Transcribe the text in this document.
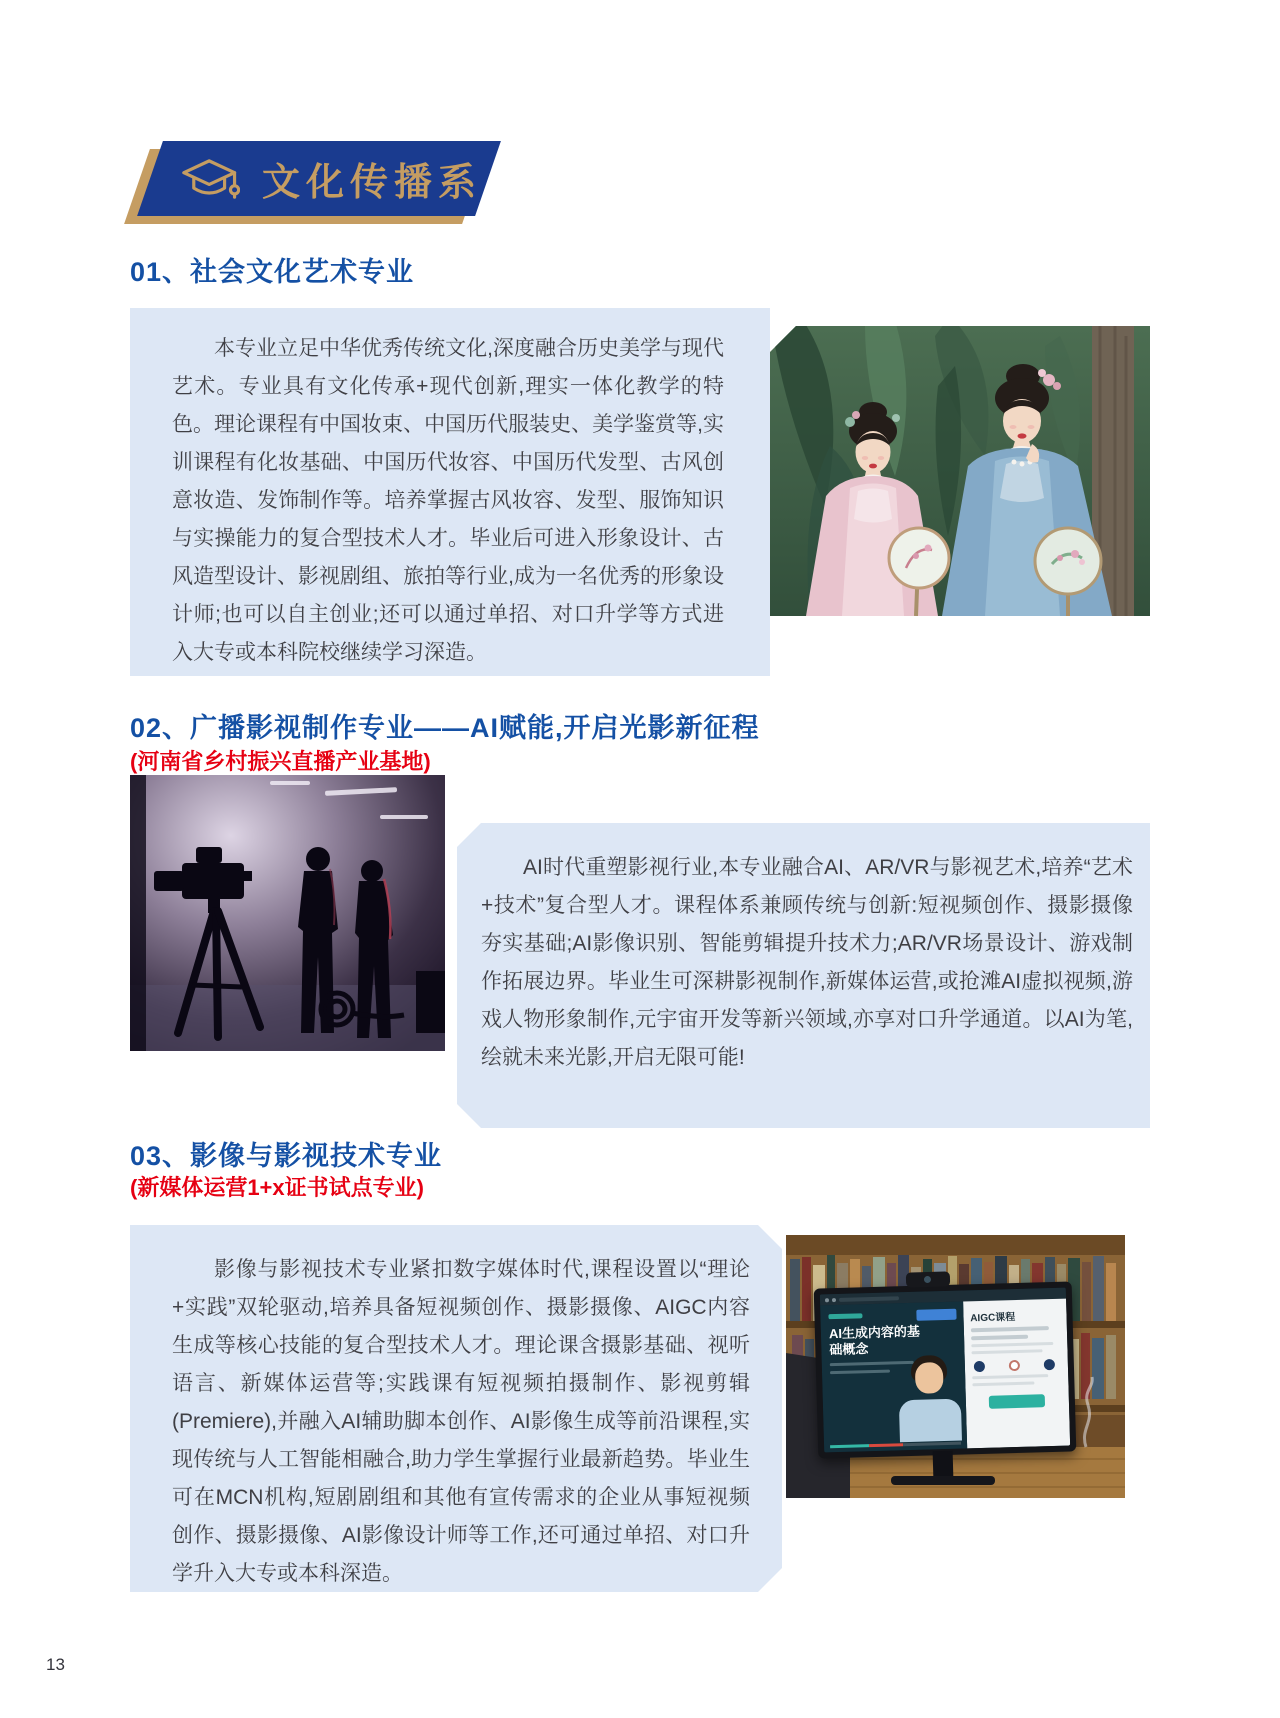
文化传播系
01、社会文化艺术专业

本专业立足中华优秀传统文化,深度融合历史美学与现代艺术。专业具有文化传承+现代创新,理实一体化教学的特色。理论课程有中国妆束、中国历代服装史、美学鉴赏等,实训课程有化妆基础、中国历代妆容、中国历代发型、古风创意妆造、发饰制作等。培养掌握古风妆容、发型、服饰知识与实操能力的复合型技术人才。毕业后可进入形象设计、古风造型设计、影视剧组、旅拍等行业,成为一名优秀的形象设计师;也可以自主创业;还可以通过单招、对口升学等方式进入大专或本科院校继续学习深造。

02、广播影视制作专业——AI赋能,开启光影新征程

(河南省乡村振兴直播产业基地)

AI时代重塑影视行业,本专业融合AI、AR/VR与影视艺术,培养“艺术+技术”复合型人才。课程体系兼顾传统与创新:短视频创作、摄影摄像夯实基础;AI影像识别、智能剪辑提升技术力;AR/VR场景设计、游戏制作拓展边界。毕业生可深耕影视制作,新媒体运营,或抢滩AI虚拟视频,游戏人物形象制作,元宇宙开发等新兴领域,亦享对口升学通道。以AI为笔,绘就未来光影,开启无限可能!

03、影像与影视技术专业

(新媒体运营1+x证书试点专业)

影像与影视技术专业紧扣数字媒体时代,课程设置以“理论+实践”双轮驱动,培养具备短视频创作、摄影摄像、AIGC内容生成等核心技能的复合型技术人才。理论课含摄影基础、视听语言、新媒体运营等;实践课有短视频拍摄制作、影视剪辑(Premiere),并融入AI辅助脚本创作、AI影像生成等前沿课程,实现传统与人工智能相融合,助力学生掌握行业最新趋势。毕业生可在MCN机构,短剧剧组和其他有宣传需求的企业从事短视频创作、摄影摄像、AI影像设计师等工作,还可通过单招、对口升学升入大专或本科深造。

AI生成内容的基础概念
AIGC课程
13
